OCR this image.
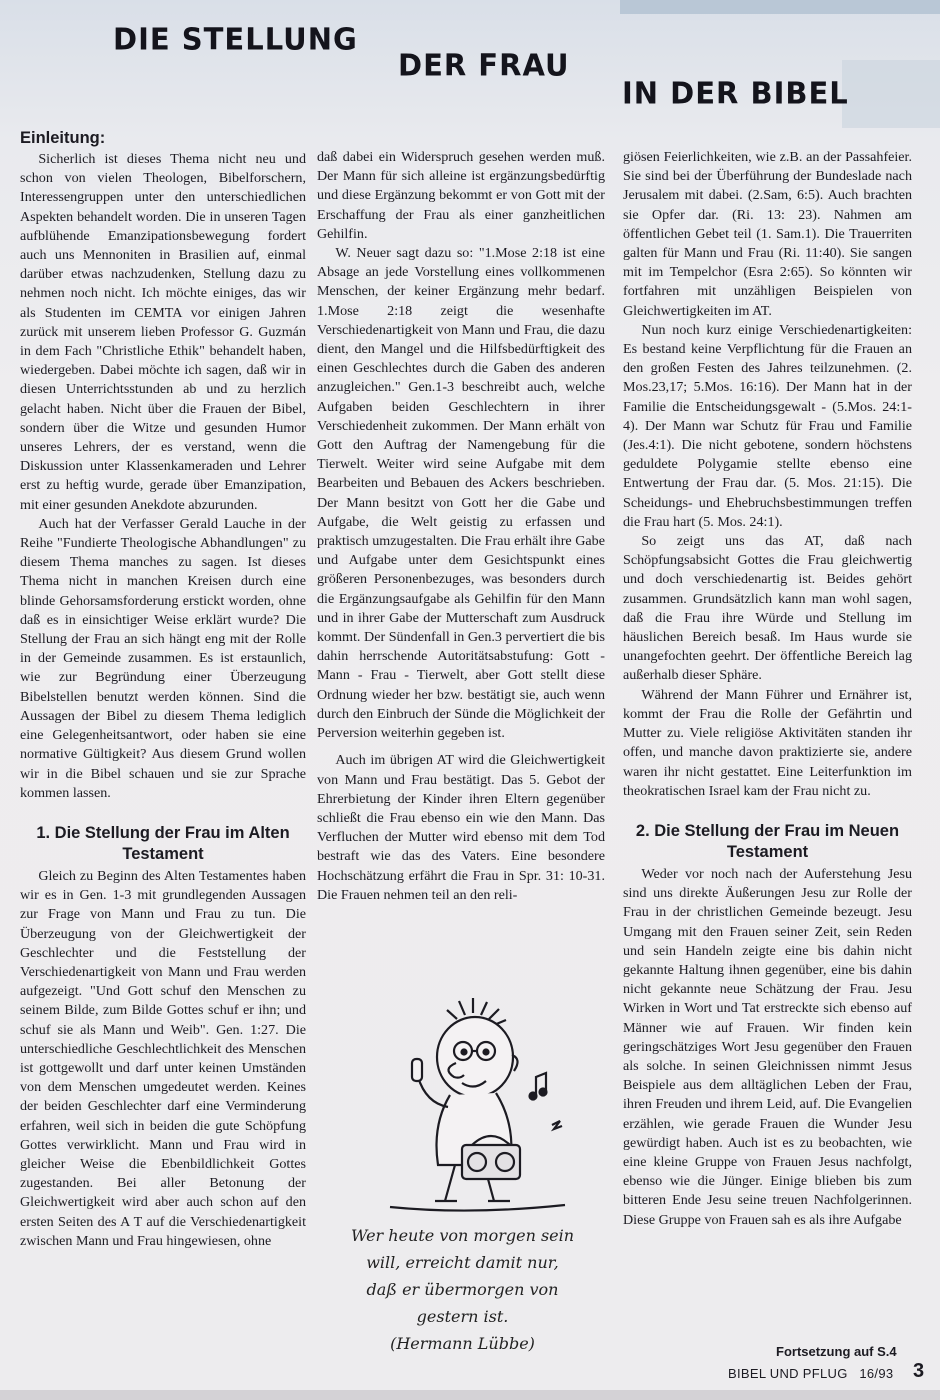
DIE STELLUNG
DER FRAU
IN DER BIBEL
Einleitung:

Sicherlich ist dieses Thema nicht neu und schon von vielen Theologen, Bibelforschern, Interessengruppen unter den unterschiedlichen Aspekten behandelt worden. Die in unseren Tagen aufblühende Emanzipationsbewegung fordert auch uns Mennoniten in Brasilien auf, einmal darüber etwas nachzudenken, Stellung dazu zu nehmen noch nicht. Ich möchte einiges, das wir als Studenten im CEMTA vor einigen Jahren zurück mit unserem lieben Professor G. Guzmán in dem Fach "Christliche Ethik" behandelt haben, wiedergeben. Dabei möchte ich sagen, daß wir in diesen Unterrichtsstunden ab und zu herzlich gelacht haben. Nicht über die Frauen der Bibel, sondern über die Witze und gesunden Humor unseres Lehrers, der es verstand, wenn die Diskussion unter Klassenkameraden und Lehrer erst zu heftig wurde, gerade über Emanzipation, mit einer gesunden Anekdote abzurunden.

Auch hat der Verfasser Gerald Lauche in der Reihe "Fundierte Theologische Abhandlungen" zu diesem Thema manches zu sagen. Ist dieses Thema nicht in manchen Kreisen durch eine blinde Gehorsamsforderung erstickt worden, ohne daß es in einsichtiger Weise erklärt wurde? Die Stellung der Frau an sich hängt eng mit der Rolle in der Gemeinde zusammen. Es ist erstaunlich, wie zur Begründung einer Überzeugung Bibelstellen benutzt werden können. Sind die Aussagen der Bibel zu diesem Thema lediglich eine Gelegenheitsantwort, oder haben sie eine normative Gültigkeit? Aus diesem Grund wollen wir in die Bibel schauen und sie zur Sprache kommen lassen.

1. Die Stellung der Frau im Alten Testament

Gleich zu Beginn des Alten Testamentes haben wir es in Gen. 1-3 mit grundlegenden Aussagen zur Frage von Mann und Frau zu tun. Die Überzeugung von der Gleichwertigkeit der Geschlechter und die Feststellung der Verschiedenartigkeit von Mann und Frau werden aufgezeigt. "Und Gott schuf den Menschen zu seinem Bilde, zum Bilde Gottes schuf er ihn; und schuf sie als Mann und Weib". Gen. 1:27. Die unterschiedliche Geschlechtlichkeit des Menschen ist gottgewollt und darf unter keinen Umständen von dem Menschen umgedeutet werden. Keines der beiden Geschlechter darf eine Verminderung erfahren, weil sich in beiden die gute Schöpfung Gottes verwirklicht. Mann und Frau wird in gleicher Weise die Ebenbildlichkeit Gottes zugestanden. Bei aller Betonung der Gleichwertigkeit wird aber auch schon auf den ersten Seiten des A T auf die Verschiedenartigkeit zwischen Mann und Frau hingewiesen, ohne

daß dabei ein Widerspruch gesehen werden muß. Der Mann für sich alleine ist ergänzungsbedürftig und diese Ergänzung bekommt er von Gott mit der Erschaffung der Frau als einer ganzheitlichen Gehilfin.

W. Neuer sagt dazu so: "1.Mose 2:18 ist eine Absage an jede Vorstellung eines vollkommenen Menschen, der keiner Ergänzung mehr bedarf. 1.Mose 2:18 zeigt die wesenhafte Verschiedenartigkeit von Mann und Frau, die dazu dient, den Mangel und die Hilfsbedürftigkeit des einen Geschlechtes durch die Gaben des anderen anzugleichen." Gen.1-3 beschreibt auch, welche Aufgaben beiden Geschlechtern in ihrer Verschiedenheit zukommen. Der Mann erhält von Gott den Auftrag der Namengebung für die Tierwelt. Weiter wird seine Aufgabe mit dem Bearbeiten und Bebauen des Ackers beschrieben. Der Mann besitzt von Gott her die Gabe und Aufgabe, die Welt geistig zu erfassen und praktisch umzugestalten. Die Frau erhält ihre Gabe und Aufgabe unter dem Gesichtspunkt eines größeren Personenbezuges, was besonders durch die Ergänzungsaufgabe als Gehilfin für den Mann und in ihrer Gabe der Mutterschaft zum Ausdruck kommt. Der Sündenfall in Gen.3 pervertiert die bis dahin herrschende Autoritätsabstufung: Gott - Mann - Frau - Tierwelt, aber Gott stellt diese Ordnung wieder her bzw. bestätigt sie, auch wenn durch den Einbruch der Sünde die Möglichkeit der Perversion weiterhin gegeben ist.

Auch im übrigen AT wird die Gleichwertigkeit von Mann und Frau bestätigt. Das 5. Gebot der Ehrerbietung der Kinder ihren Eltern gegenüber schließt die Frau ebenso ein wie den Mann. Das Verfluchen der Mutter wird ebenso mit dem Tod bestraft wie das des Vaters. Eine besondere Hochschätzung erfährt die Frau in Spr. 31: 10-31. Die Frauen nehmen teil an den reli-

Wer heute von morgen sein
will, erreicht damit nur,
daß er übermorgen von
gestern ist.
(Hermann Lübbe)

giösen Feierlichkeiten, wie z.B. an der Passahfeier. Sie sind bei der Überführung der Bundeslade nach Jerusalem mit dabei. (2.Sam, 6:5). Auch brachten sie Opfer dar. (Ri. 13: 23). Nahmen am öffentlichen Gebet teil (1. Sam.1). Die Trauerriten galten für Mann und Frau (Ri. 11:40). Sie sangen mit im Tempelchor (Esra 2:65). So könnten wir fortfahren mit unzähligen Beispielen von Gleichwertigkeiten im AT.

Nun noch kurz einige Verschiedenartigkeiten: Es bestand keine Verpflichtung für die Frauen an den großen Festen des Jahres teilzunehmen. (2. Mos.23,17; 5.Mos. 16:16). Der Mann hat in der Familie die Entscheidungsgewalt - (5.Mos. 24:1-4). Der Mann war Schutz für Frau und Familie (Jes.4:1). Die nicht gebotene, sondern höchstens geduldete Polygamie stellte ebenso eine Entwertung der Frau dar. (5. Mos. 21:15). Die Scheidungs- und Ehebruchsbestimmungen treffen die Frau hart (5. Mos. 24:1).

So zeigt uns das AT, daß nach Schöpfungsabsicht Gottes die Frau gleichwertig und doch verschiedenartig ist. Beides gehört zusammen. Grundsätzlich kann man wohl sagen, daß die Frau ihre Würde und Stellung im häuslichen Bereich besaß. Im Haus wurde sie unangefochten geehrt. Der öffentliche Bereich lag außerhalb dieser Sphäre.

Während der Mann Führer und Ernährer ist, kommt der Frau die Rolle der Gefährtin und Mutter zu. Viele religiöse Aktivitäten standen ihr offen, und manche davon praktizierte sie, andere waren ihr nicht gestattet. Eine Leiterfunktion im theokratischen Israel kam der Frau nicht zu.

2. Die Stellung der Frau im Neuen Testament

Weder vor noch nach der Auferstehung Jesu sind uns direkte Äußerungen Jesu zur Rolle der Frau in der christlichen Gemeinde bezeugt. Jesu Umgang mit den Frauen seiner Zeit, sein Reden und sein Handeln zeigte eine bis dahin nicht gekannte Haltung ihnen gegenüber, eine bis dahin nicht gekannte neue Schätzung der Frau. Jesu Wirken in Wort und Tat erstreckte sich ebenso auf Männer wie auf Frauen. Wir finden kein geringschätziges Wort Jesu gegenüber den Frauen als solche. In seinen Gleichnissen nimmt Jesus Beispiele aus dem alltäglichen Leben der Frau, ihren Freuden und ihrem Leid, auf. Die Evangelien erzählen, wie gerade Frauen die Wunder Jesu gewürdigt haben. Auch ist es zu beobachten, wie eine kleine Gruppe von Frauen Jesus nachfolgt, ebenso wie die Jünger. Einige blieben bis zum bitteren Ende Jesu seine treuen Nachfolgerinnen. Diese Gruppe von Frauen sah es als ihre Aufgabe

Fortsetzung auf S.4
BIBEL UND PFLUG 16/93 3
